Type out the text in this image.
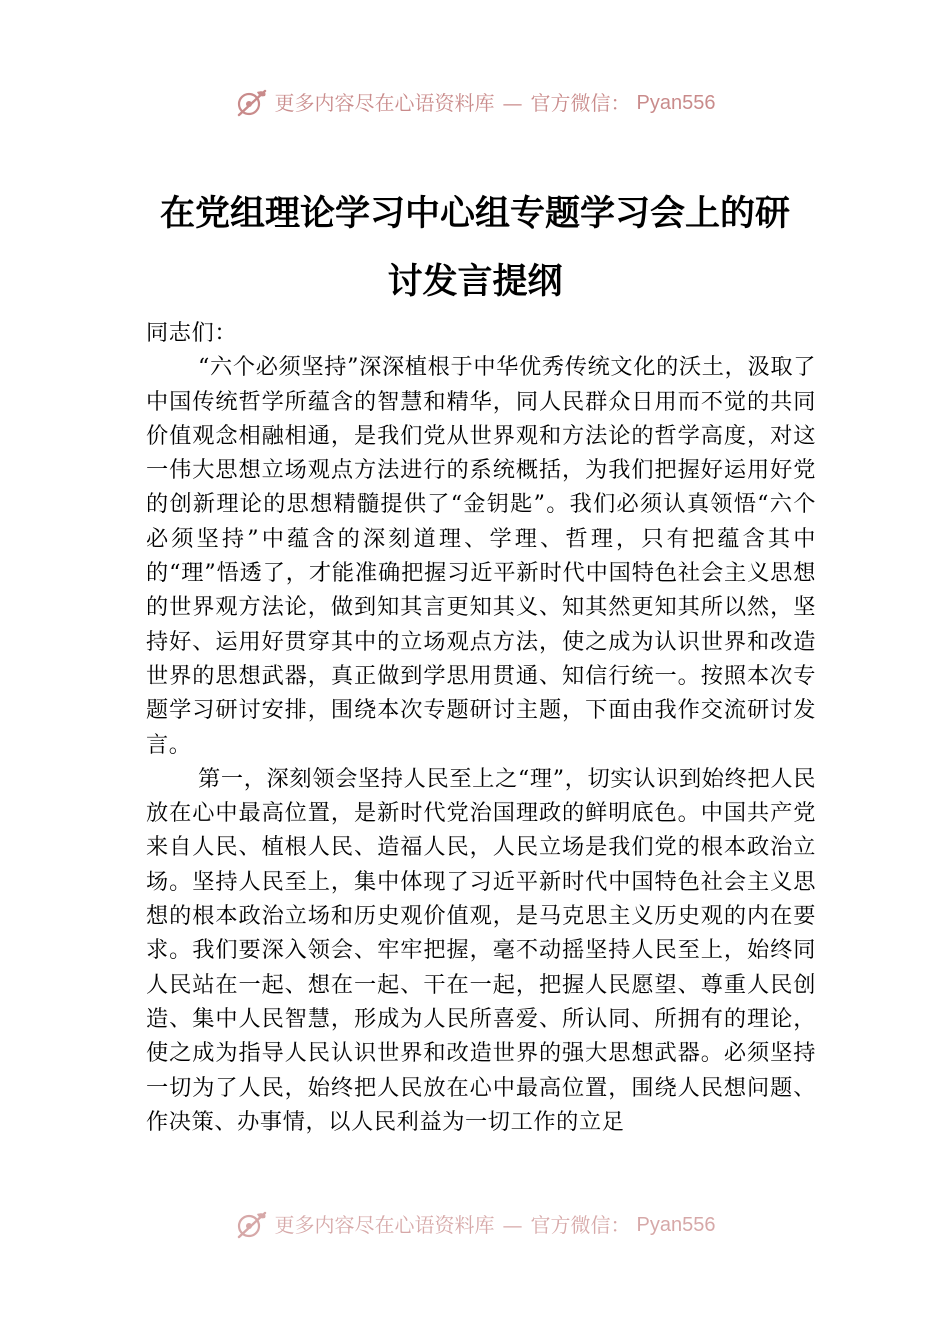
更多内容尽在心语资料库 — 官方微信： Pyan556
在党组理论学习中心组专题学习会上的研
讨发言提纲

同志们：

“六个必须坚持”深深植根于中华优秀传统文化的沃土，汲取了中国传统哲学所蕴含的智慧和精华，同人民群众日用而不觉的共同价值观念相融相通，是我们党从世界观和方法论的哲学高度，对这一伟大思想立场观点方法进行的系统概括，为我们把握好运用好党的创新理论的思想精髓提供了“金钥匙”。我们必须认真领悟“六个必须坚持”中蕴含的深刻道理、学理、哲理，只有把蕴含其中的“理”悟透了，才能准确把握习近平新时代中国特色社会主义思想的世界观方法论，做到知其言更知其义、知其然更知其所以然，坚持好、运用好贯穿其中的立场观点方法，使之成为认识世界和改造世界的思想武器，真正做到学思用贯通、知信行统一。按照本次专题学习研讨安排，围绕本次专题研讨主题，下面由我作交流研讨发言。

第一，深刻领会坚持人民至上之“理”，切实认识到始终把人民放在心中最高位置，是新时代党治国理政的鲜明底色。中国共产党来自人民、植根人民、造福人民，人民立场是我们党的根本政治立场。坚持人民至上，集中体现了习近平新时代中国特色社会主义思想的根本政治立场和历史观价值观，是马克思主义历史观的内在要求。我们要深入领会、牢牢把握，毫不动摇坚持人民至上，始终同人民站在一起、想在一起、干在一起，把握人民愿望、尊重人民创造、集中人民智慧，形成为人民所喜爱、所认同、所拥有的理论，使之成为指导人民认识世界和改造世界的强大思想武器。必须坚持一切为了人民，始终把人民放在心中最高位置，围绕人民想问题、作决策、办事情，以人民利益为一切工作的立足

更多内容尽在心语资料库 — 官方微信： Pyan556
